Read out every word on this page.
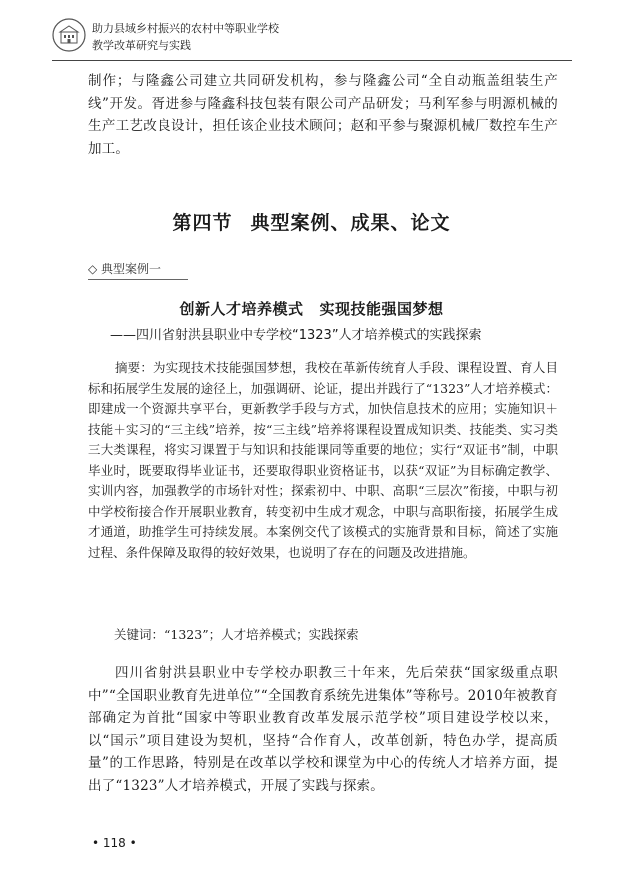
助力县域乡村振兴的农村中等职业学校
教学改革研究与实践
制作；与隆鑫公司建立共同研发机构，参与隆鑫公司“全自动瓶盖组装生产线”开发。胥进参与隆鑫科技包装有限公司产品研发；马利军参与明源机械的生产工艺改良设计，担任该企业技术顾问；赵和平参与聚源机械厂数控车生产加工。
第四节 典型案例、成果、论文
◇ 典型案例一
创新人才培养模式 实现技能强国梦想
——四川省射洪县职业中专学校“1323”人才培养模式的实践探索
摘要：为实现技术技能强国梦想，我校在革新传统育人手段、课程设置、育人目标和拓展学生发展的途径上，加强调研、论证，提出并践行了“1323”人才培养模式：即建成一个资源共享平台，更新教学手段与方式，加快信息技术的应用；实施知识＋技能＋实习的“三主线”培养，按“三主线”培养将课程设置成知识类、技能类、实习类三大类课程，将实习课置于与知识和技能课同等重要的地位；实行“双证书”制，中职毕业时，既要取得毕业证书，还要取得职业资格证书，以获“双证”为目标确定教学、实训内容，加强教学的市场针对性；探索初中、中职、高职“三层次”衔接，中职与初中学校衔接合作开展职业教育，转变初中生成才观念，中职与高职衔接，拓展学生成才通道，助推学生可持续发展。本案例交代了该模式的实施背景和目标，简述了实施过程、条件保障及取得的较好效果，也说明了存在的问题及改进措施。
关键词：“1323”；人才培养模式；实践探索
四川省射洪县职业中专学校办职教三十年来，先后荣获“国家级重点职中”“全国职业教育先进单位”“全国教育系统先进集体”等称号。2010年被教育部确定为首批“国家中等职业教育改革发展示范学校”项目建设学校以来，以“国示”项目建设为契机，坚持“合作育人，改革创新，特色办学，提高质量”的工作思路，特别是在改革以学校和课堂为中心的传统人才培养方面，提出了“1323”人才培养模式，开展了实践与探索。
• 118 •
